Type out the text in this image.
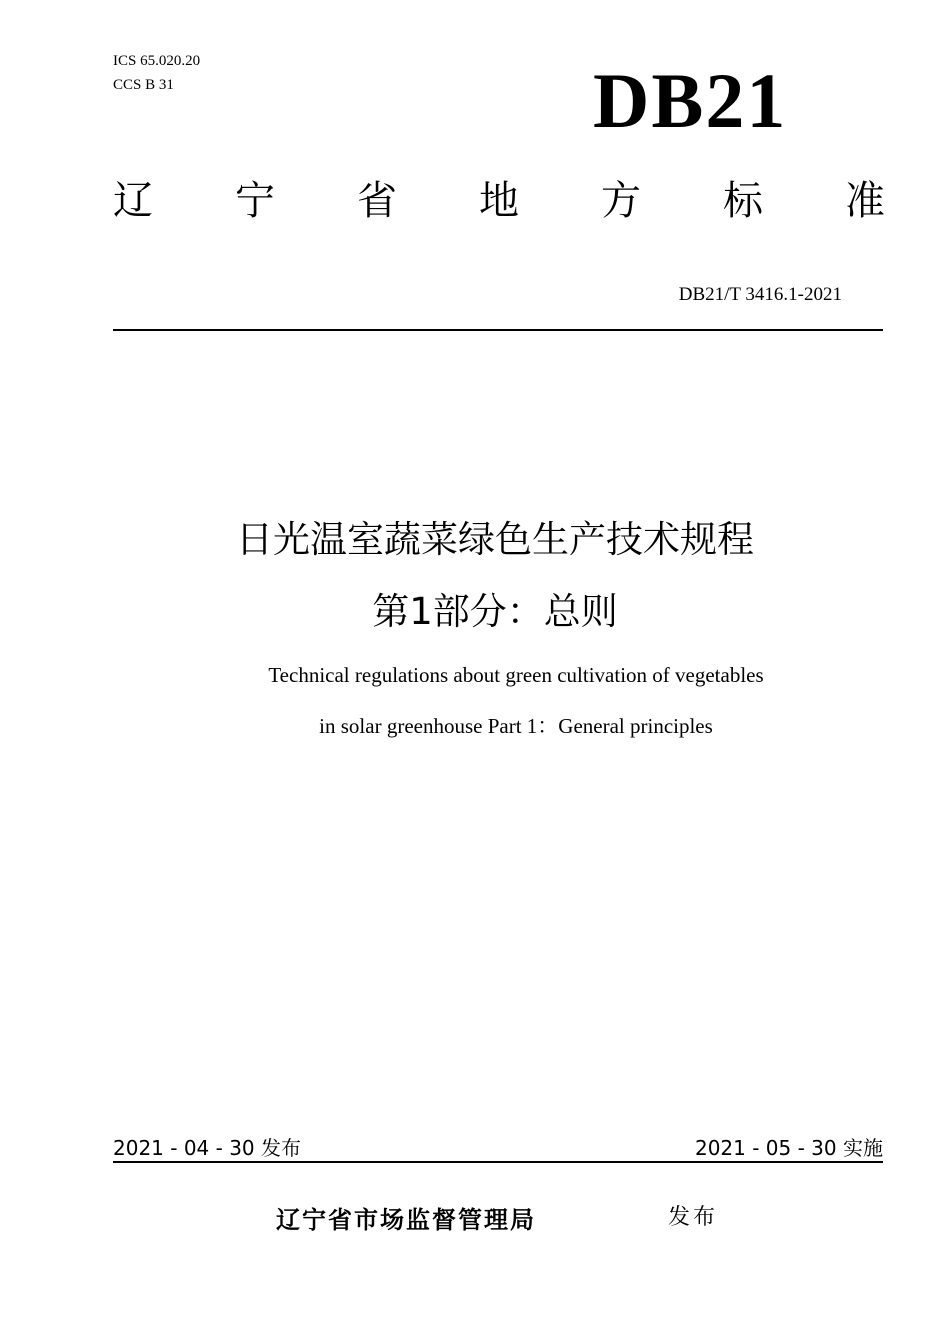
ICS 65.020.20
CCS B 31	DB21
辽 宁 省 地 方 标 准
DB21/T 3416.1-2021
日光温室蔬菜绿色生产技术规程
第1部分：总则
Technical regulations about green cultivation of vegetables
in solar greenhouse Part 1：General principles
2021 - 04 - 30 发布	2021 - 05 - 30 实施
辽宁省市场监督管理局	发布
